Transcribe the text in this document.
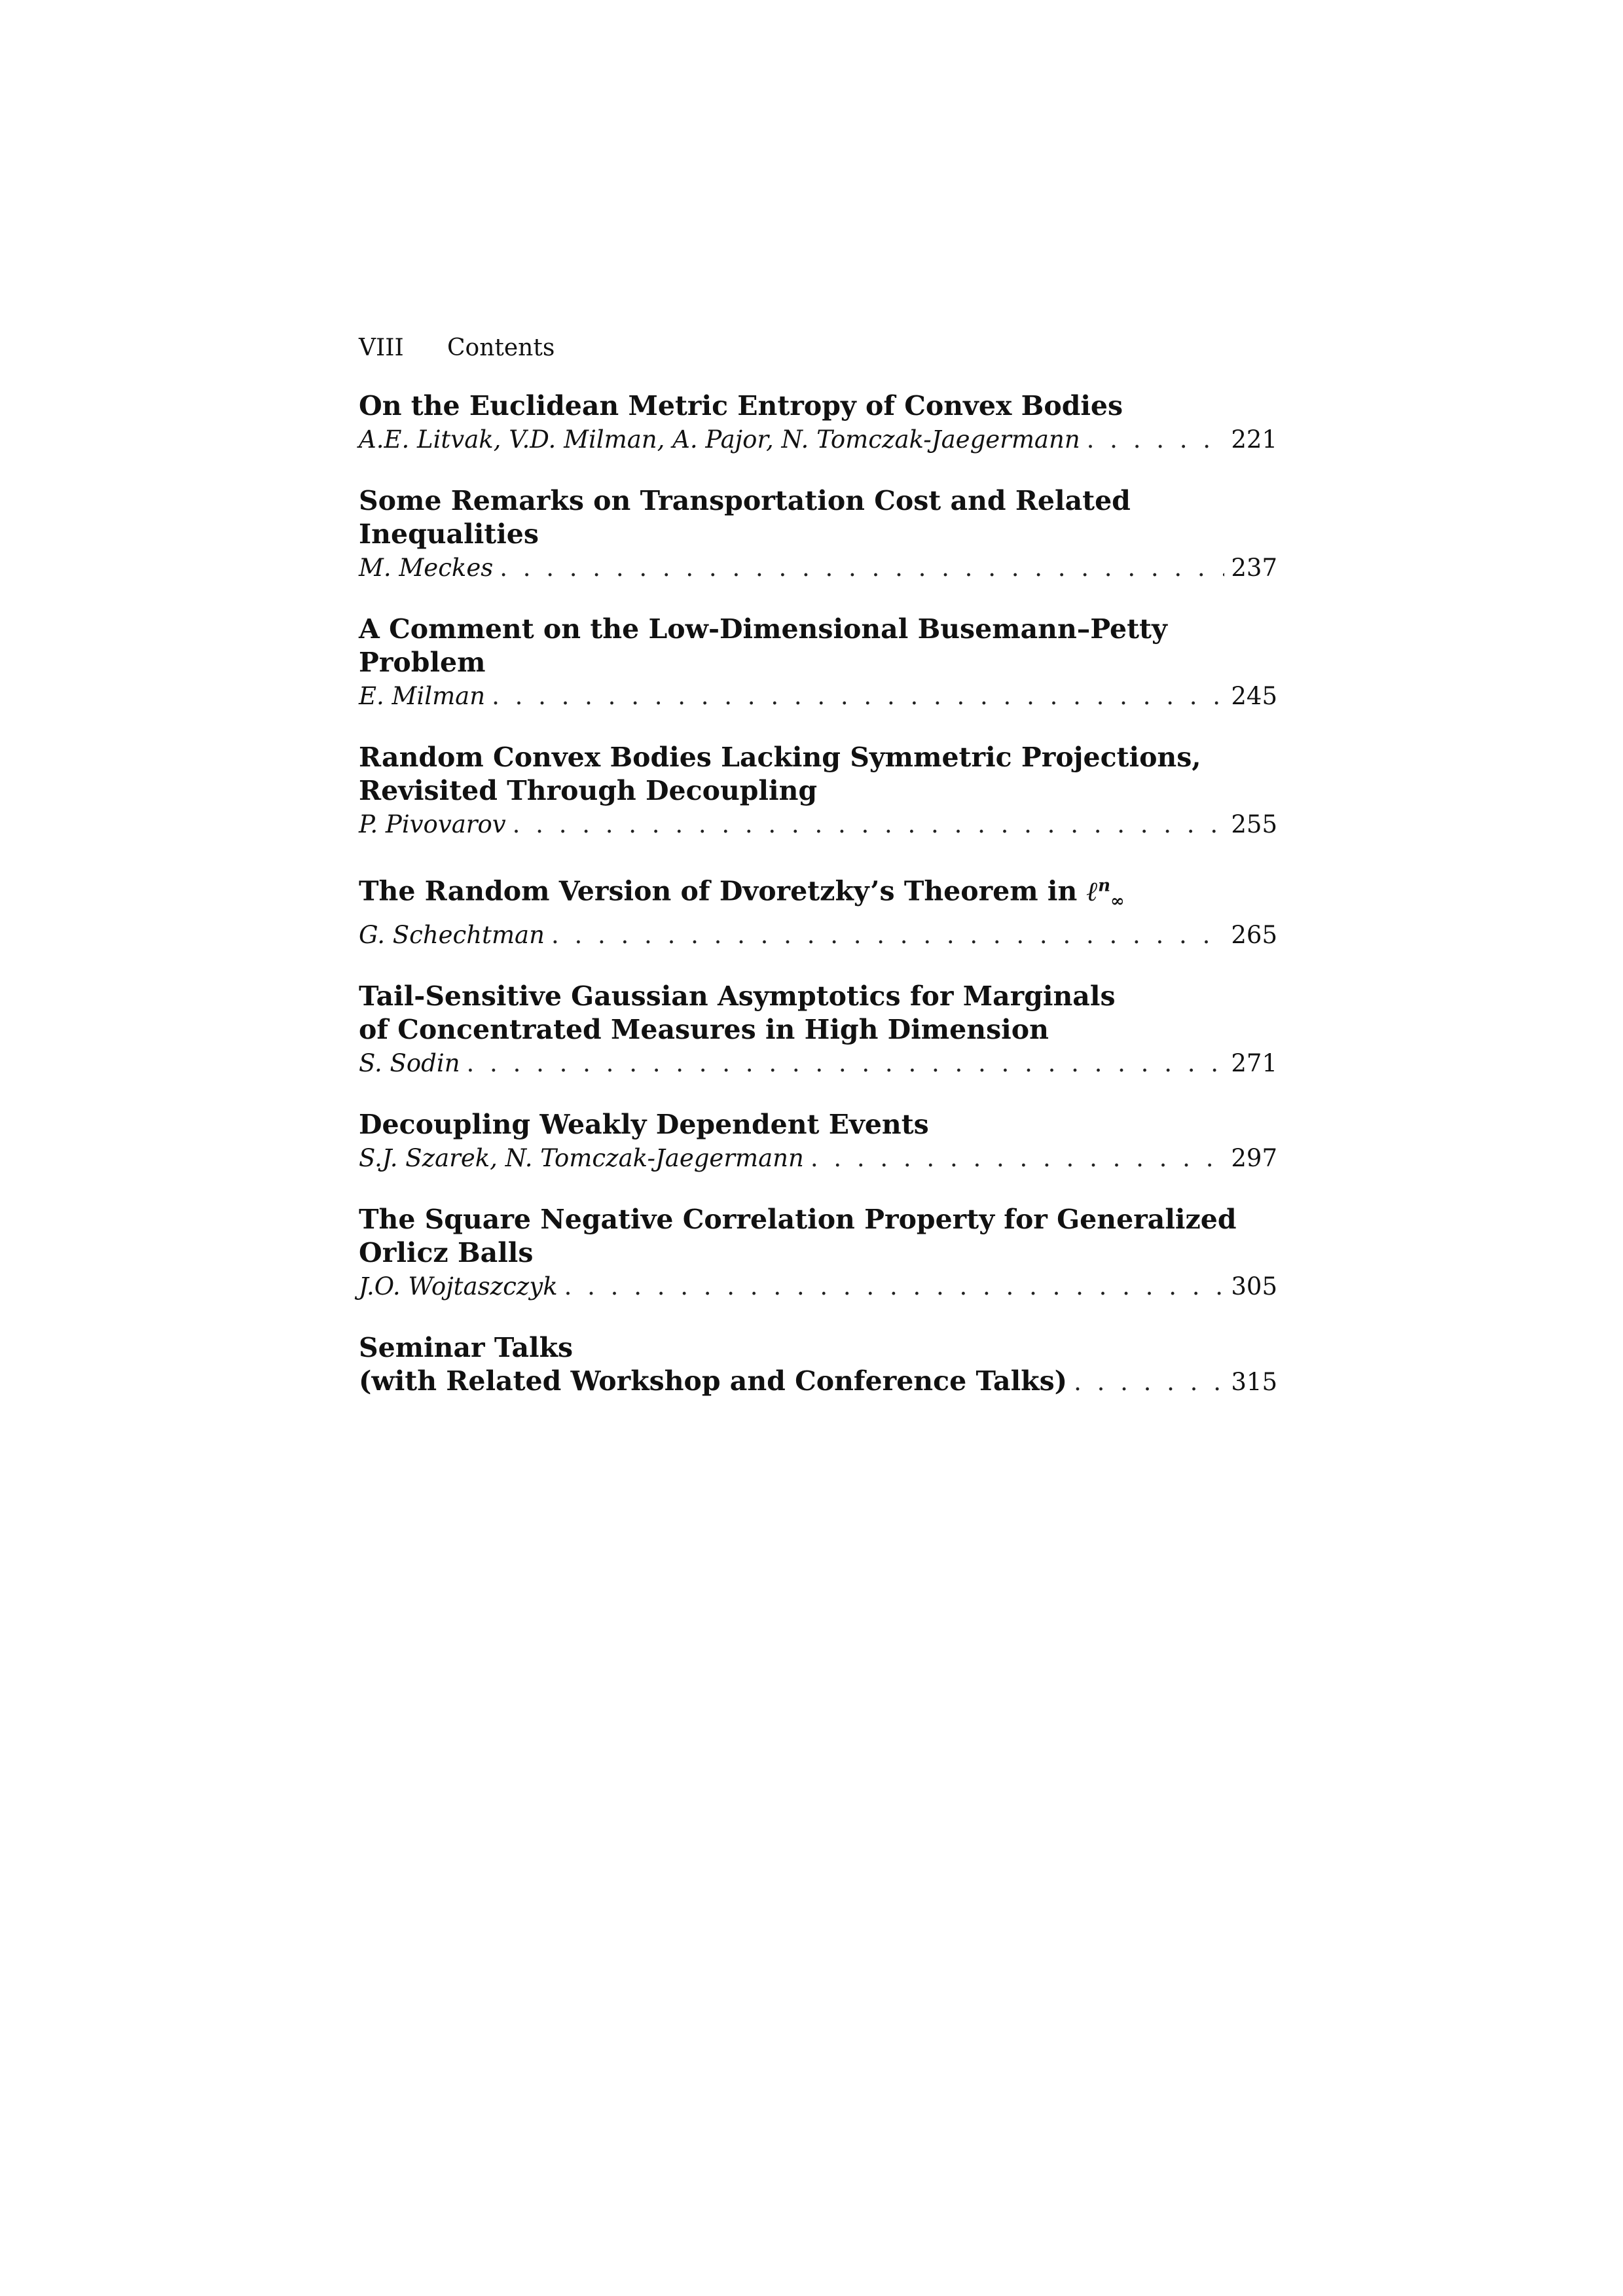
VIII Contents
On the Euclidean Metric Entropy of Convex Bodies
A.E. Litvak, V.D. Milman, A. Pajor, N. Tomczak-Jaegermann . . .	221
Some Remarks on Transportation Cost and Related
Inequalities
M. Meckes . . .	237
A Comment on the Low-Dimensional Busemann–Petty
Problem
E. Milman . . .	245
Random Convex Bodies Lacking Symmetric Projections,
Revisited Through Decoupling
P. Pivovarov . . .	255
The Random Version of Dvoretzky’s Theorem in ℓ$^n_\infty$
G. Schechtman . . .	265
Tail-Sensitive Gaussian Asymptotics for Marginals
of Concentrated Measures in High Dimension
S. Sodin . . .	271
Decoupling Weakly Dependent Events
S.J. Szarek, N. Tomczak-Jaegermann . . .	297
The Square Negative Correlation Property for Generalized
Orlicz Balls
J.O. Wojtaszczyk . . .	305
Seminar Talks
(with Related Workshop and Conference Talks) . . .	315
